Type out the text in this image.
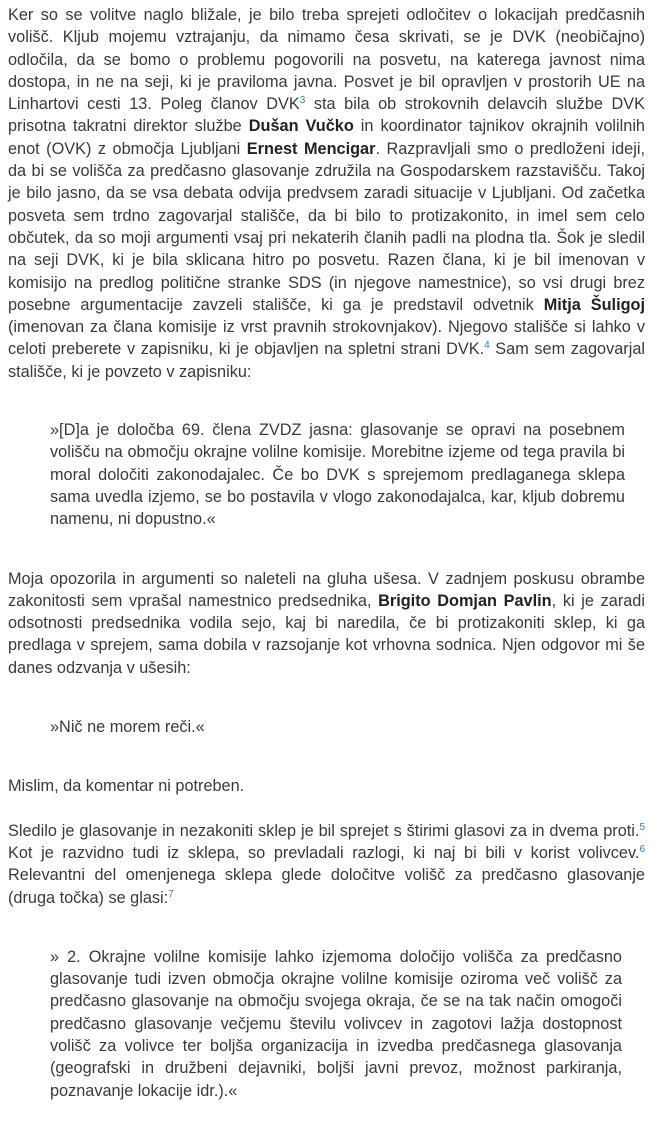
Ker so se volitve naglo bližale, je bilo treba sprejeti odločitev o lokacijah predčasnih volišč. Kljub mojemu vztrajanju, da nimamo česa skrivati, se je DVK (neobičajno) odločila, da se bomo o problemu pogovorili na posvetu, na katerega javnost nima dostopa, in ne na seji, ki je praviloma javna. Posvet je bil opravljen v prostorih UE na Linhartovi cesti 13. Poleg članov DVK$^3$ sta bila ob strokovnih delavcih službe DVK prisotna takratni direktor službe Dušan Vučko in koordinator tajnikov okrajnih volilnih enot (OVK) z območja Ljubljani Ernest Mencigar. Razpravljali smo o predloženi ideji, da bi se volišča za predčasno glasovanje združila na Gospodarskem razstavišču. Takoj je bilo jasno, da se vsa debata odvija predvsem zaradi situacije v Ljubljani. Od začetka posveta sem trdno zagovarjal stališče, da bi bilo to protizakonito, in imel sem celo občutek, da so moji argumenti vsaj pri nekaterih članih padli na plodna tla. Šok je sledil na seji DVK, ki je bila sklicana hitro po posvetu. Razen člana, ki je bil imenovan v komisijo na predlog politične stranke SDS (in njegove namestnice), so vsi drugi brez posebne argumentacije zavzeli stališče, ki ga je predstavil odvetnik Mitja Šuligoj (imenovan za člana komisije iz vrst pravnih strokovnjakov). Njegovo stališče si lahko v celoti preberete v zapisniku, ki je objavljen na spletni strani DVK.$^4$ Sam sem zagovarjal stališče, ki je povzeto v zapisniku:

»[D]a je določba 69. člena ZVDZ jasna: glasovanje se opravi na posebnem volišču na območju okrajne volilne komisije. Morebitne izjeme od tega pravila bi moral določiti zakonodajalec. Če bo DVK s sprejemom predlaganega sklepa sama uvedla izjemo, se bo postavila v vlogo zakonodajalca, kar, kljub dobremu namenu, ni dopustno.«

Moja opozorila in argumenti so naleteli na gluha ušesa. V zadnjem poskusu obrambe zakonitosti sem vprašal namestnico predsednika, Brigito Domjan Pavlin, ki je zaradi odsotnosti predsednika vodila sejo, kaj bi naredila, če bi protizakoniti sklep, ki ga predlaga v sprejem, sama dobila v razsojanje kot vrhovna sodnica. Njen odgovor mi še danes odzvanja v ušesih:

»Nič ne morem reči.«

Mislim, da komentar ni potreben.

Sledilo je glasovanje in nezakoniti sklep je bil sprejet s štirimi glasovi za in dvema proti.$^5$ Kot je razvidno tudi iz sklepa, so prevladali razlogi, ki naj bi bili v korist volivcev.$^6$ Relevantni del omenjenega sklepa glede določitve volišč za predčasno glasovanje (druga točka) se glasi:$^7$

» 2. Okrajne volilne komisije lahko izjemoma določijo volišča za predčasno glasovanje tudi izven območja okrajne volilne komisije oziroma več volišč za predčasno glasovanje na območju svojega okraja, če se na tak način omogoči predčasno glasovanje večjemu številu volivcev in zagotovi lažja dostopnost volišč za volivce ter boljša organizacija in izvedba predčasnega glasovanja (geografski in družbeni dejavniki, boljši javni prevoz, možnost parkiranja, poznavanje lokacije idr.).«
